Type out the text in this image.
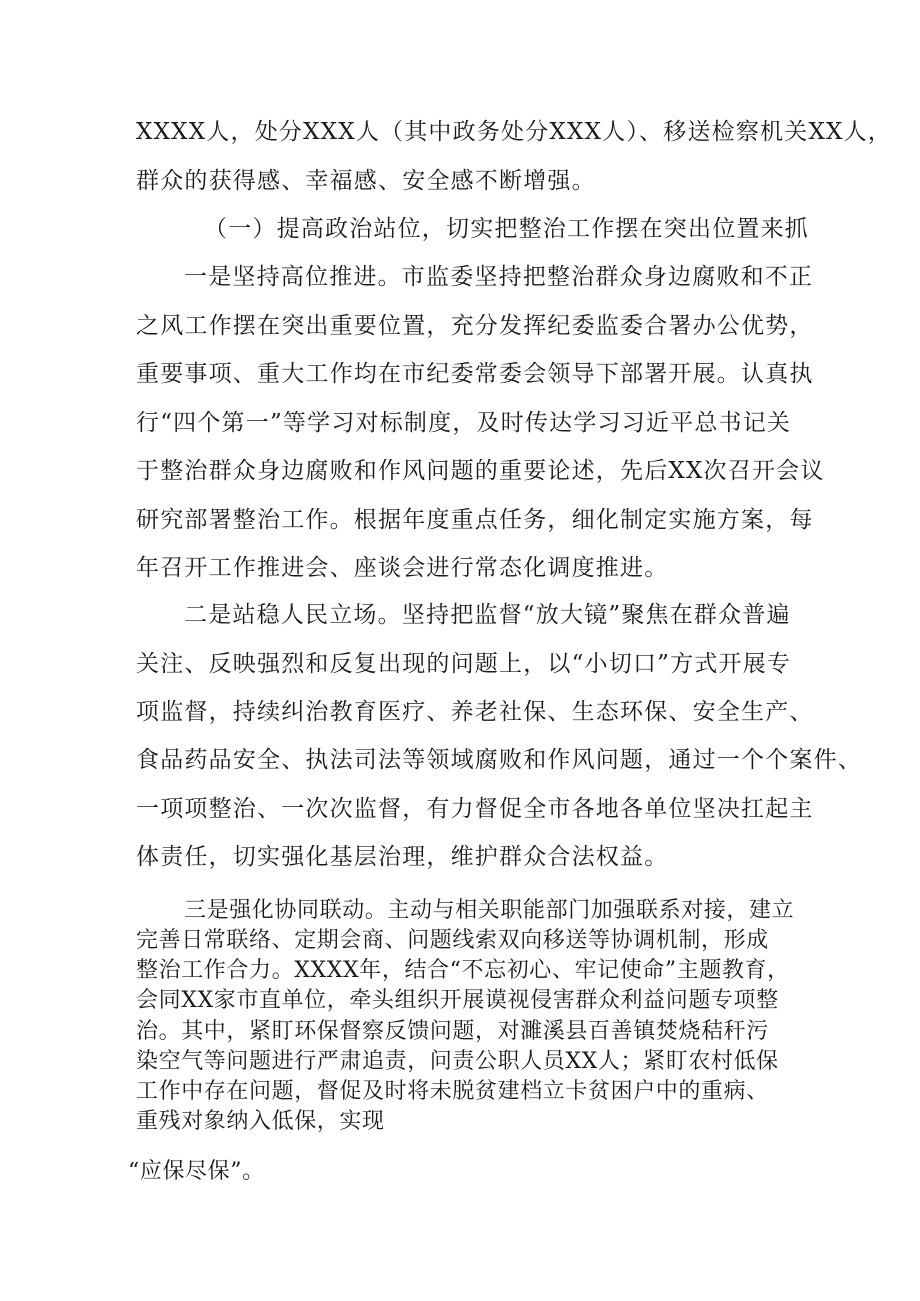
XXXX人，处分XXX人（其中政务处分XXX人）、移送检察机关XX人，
群众的获得感、幸福感、安全感不断增强。
（一）提高政治站位，切实把整治工作摆在突出位置来抓
一是坚持高位推进。市监委坚持把整治群众身边腐败和不正
之风工作摆在突出重要位置，充分发挥纪委监委合署办公优势，
重要事项、重大工作均在市纪委常委会领导下部署开展。认真执
行“四个第一”等学习对标制度，及时传达学习习近平总书记关
于整治群众身边腐败和作风问题的重要论述，先后XX次召开会议
研究部署整治工作。根据年度重点任务，细化制定实施方案，每
年召开工作推进会、座谈会进行常态化调度推进。
二是站稳人民立场。坚持把监督“放大镜”聚焦在群众普遍
关注、反映强烈和反复出现的问题上，以“小切口”方式开展专
项监督，持续纠治教育医疗、养老社保、生态环保、安全生产、
食品药品安全、执法司法等领域腐败和作风问题，通过一个个案件、
一项项整治、一次次监督，有力督促全市各地各单位坚决扛起主
体责任，切实强化基层治理，维护群众合法权益。
三是强化协同联动。主动与相关职能部门加强联系对接，建立
完善日常联络、定期会商、问题线索双向移送等协调机制，形成
整治工作合力。XXXX年，结合“不忘初心、牢记使命”主题教育，
会同XX家市直单位，牵头组织开展谟视侵害群众利益问题专项整
治。其中，紧盯环保督察反馈问题，对濉溪县百善镇焚烧秸秆污
染空气等问题进行严肃追责，问责公职人员XX人；紧盯农村低保
工作中存在问题，督促及时将未脱贫建档立卡贫困户中的重病、
重残对象纳入低保，实现
“应保尽保”。
